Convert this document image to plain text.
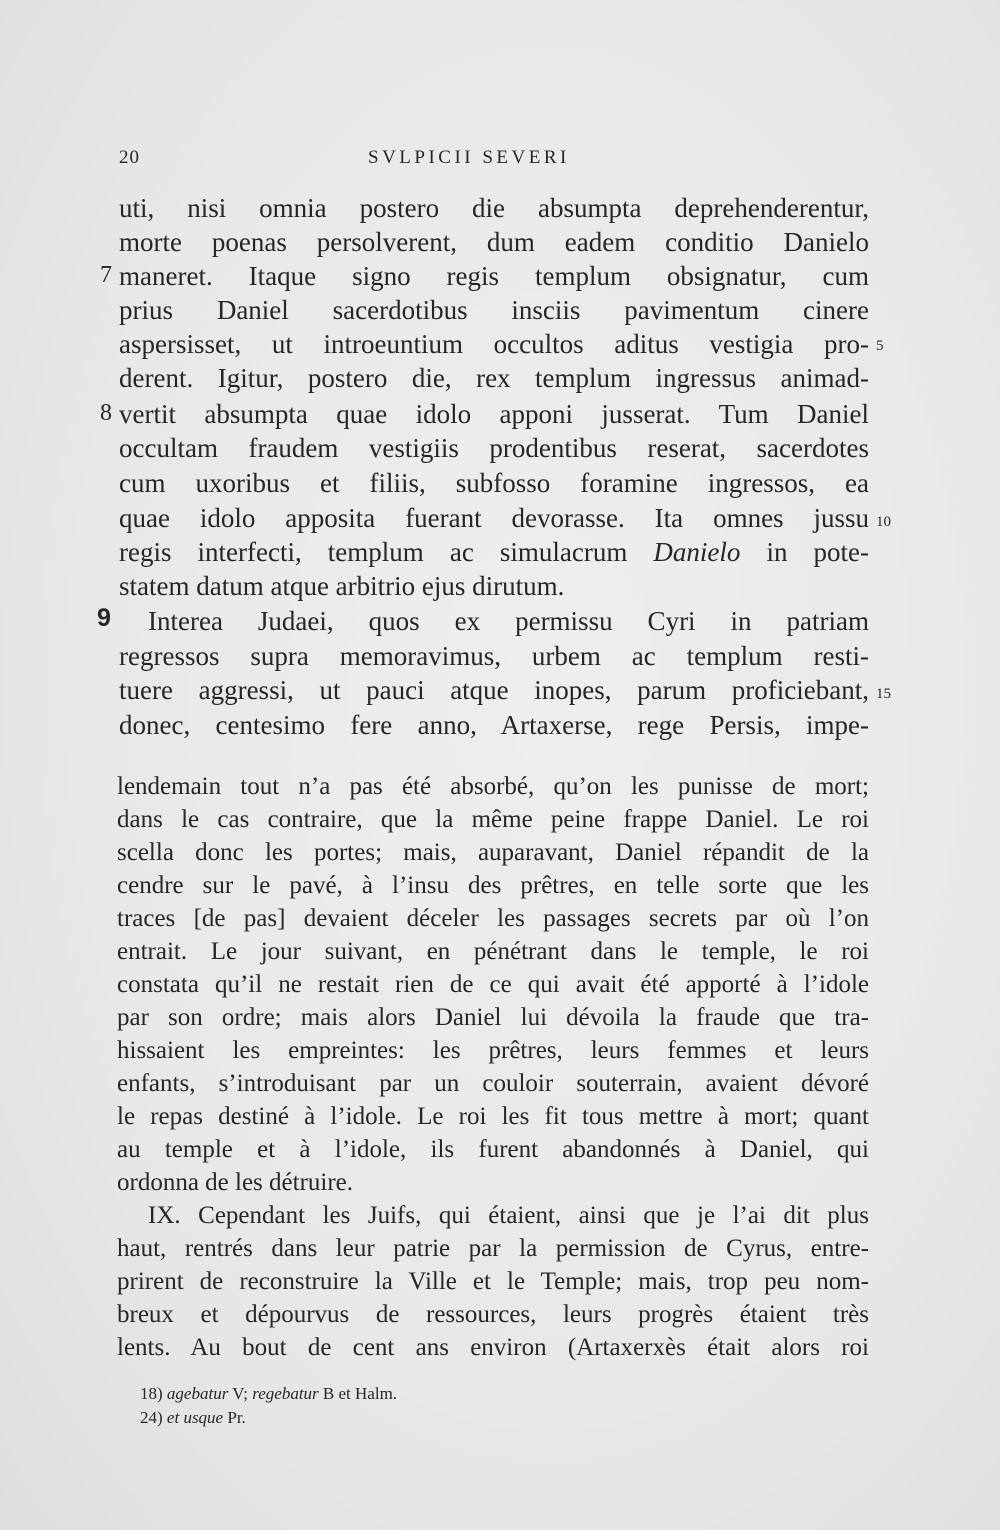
20	SVLPICII SEVERI
uti, nisi omnia postero die absumpta deprehenderentur,
morte poenas persolverent, dum eadem conditio Danielo
7 maneret. Itaque signo regis templum obsignatur, cum
prius Daniel sacerdotibus insciis pavimentum cinere
aspersisset, ut introeuntium occultos aditus vestigia pro- 5
derent. Igitur, postero die, rex templum ingressus animad-
8 vertit absumpta quae idolo apponi jusserat. Tum Daniel
occultam fraudem vestigiis prodentibus reserat, sacerdotes
cum uxoribus et filiis, subfosso foramine ingressos, ea
quae idolo apposita fuerant devorasse. Ita omnes jussu 10
regis interfecti, templum ac simulacrum Danielo in pote-
statem datum atque arbitrio ejus dirutum.
9 Interea Judaei, quos ex permissu Cyri in patriam
regressos supra memoravimus, urbem ac templum resti-
tuere aggressi, ut pauci atque inopes, parum proficiebant, 15
donec, centesimo fere anno, Artaxerse, rege Persis, impe-
lendemain tout n’a pas été absorbé, qu’on les punisse de mort;
dans le cas contraire, que la même peine frappe Daniel. Le roi
scella donc les portes; mais, auparavant, Daniel répandit de la
cendre sur le pavé, à l’insu des prêtres, en telle sorte que les
traces [de pas] devaient déceler les passages secrets par où l’on
entrait. Le jour suivant, en pénétrant dans le temple, le roi
constata qu’il ne restait rien de ce qui avait été apporté à l’idole
par son ordre; mais alors Daniel lui dévoila la fraude que tra-
hissaient les empreintes: les prêtres, leurs femmes et leurs
enfants, s’introduisant par un couloir souterrain, avaient dévoré
le repas destiné à l’idole. Le roi les fit tous mettre à mort; quant
au temple et à l’idole, ils furent abandonnés à Daniel, qui
ordonna de les détruire.
IX. Cependant les Juifs, qui étaient, ainsi que je l’ai dit plus
haut, rentrés dans leur patrie par la permission de Cyrus, entre-
prirent de reconstruire la Ville et le Temple; mais, trop peu nom-
breux et dépourvus de ressources, leurs progrès étaient très
lents. Au bout de cent ans environ (Artaxerxès était alors roi
18) agebatur V; regebatur B et Halm.
24) et usque Pr.
